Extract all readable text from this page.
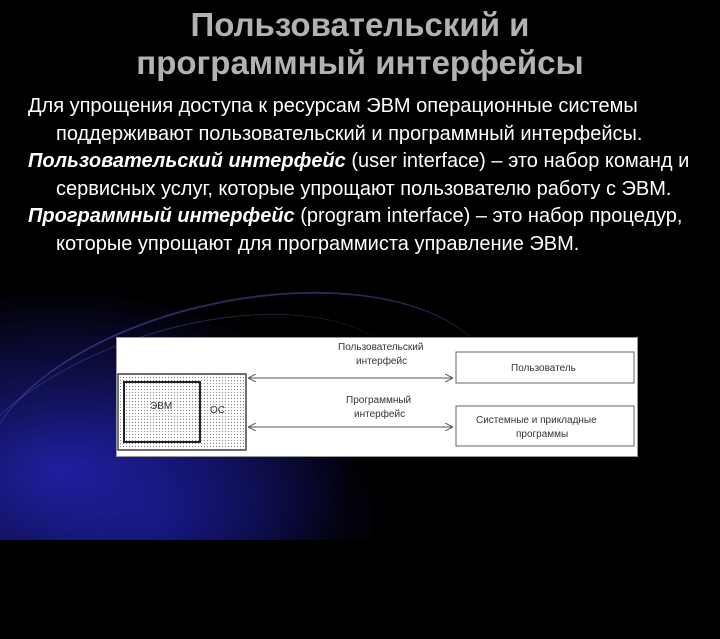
Пользовательский и
программный интерфейсы

Для упрощения доступа к ресурсам ЭВМ операционные системы поддерживают пользовательский и программный интерфейсы.

Пользовательский интерфейс (user interface) – это набор команд и сервисных услуг, которые упрощают пользователю работу с ЭВМ.

Программный интерфейс (program interface) – это набор процедур, которые упрощают для программиста управление ЭВМ.

ЭВМ	ОС
Пользователь
Системные и прикладные
программы
Пользовательский
интерфейс
Программный
интерфейс
